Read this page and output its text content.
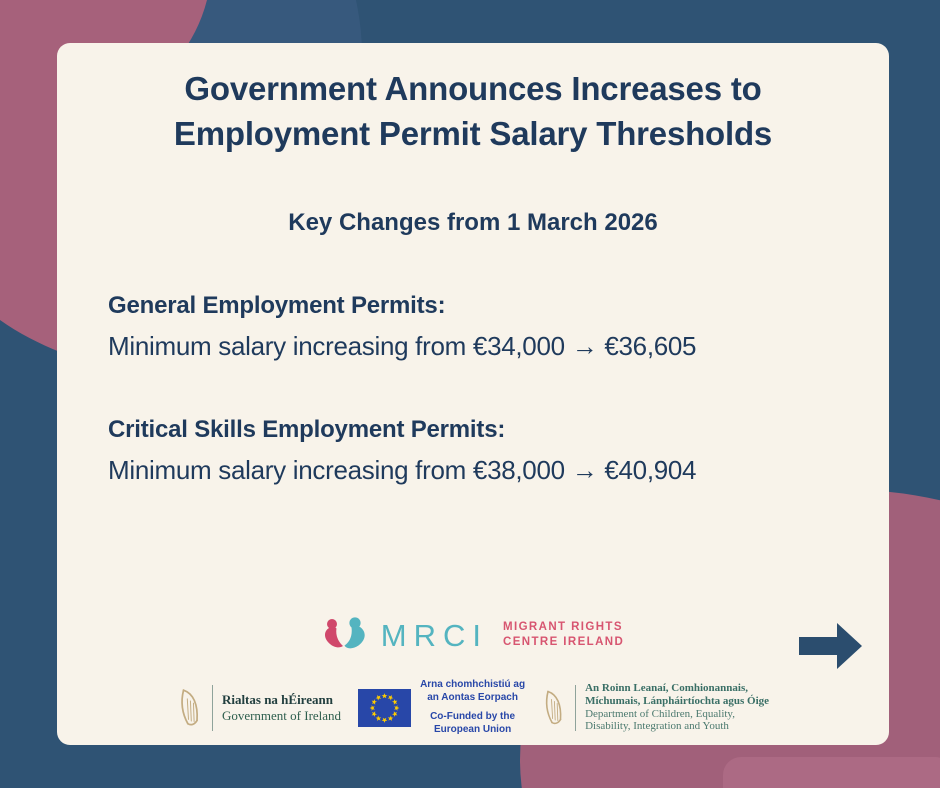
Government Announces Increases to Employment Permit Salary Thresholds
Key Changes from 1 March 2026
General Employment Permits:

Minimum salary increasing from €34,000 → €36,605

Critical Skills Employment Permits:

Minimum salary increasing from €38,000 → €40,904

MRCI MIGRANT RIGHTS
CENTRE IRELAND
Rialtas na hÉireann
Government of Ireland
Arna chomhchistiú ag
an Aontas Eorpach
Co-Funded by the
European Union
An Roinn Leanaí, Comhionannais,
Míchumais, Lánpháirtíochta agus Óige
Department of Children, Equality,
Disability, Integration and Youth
